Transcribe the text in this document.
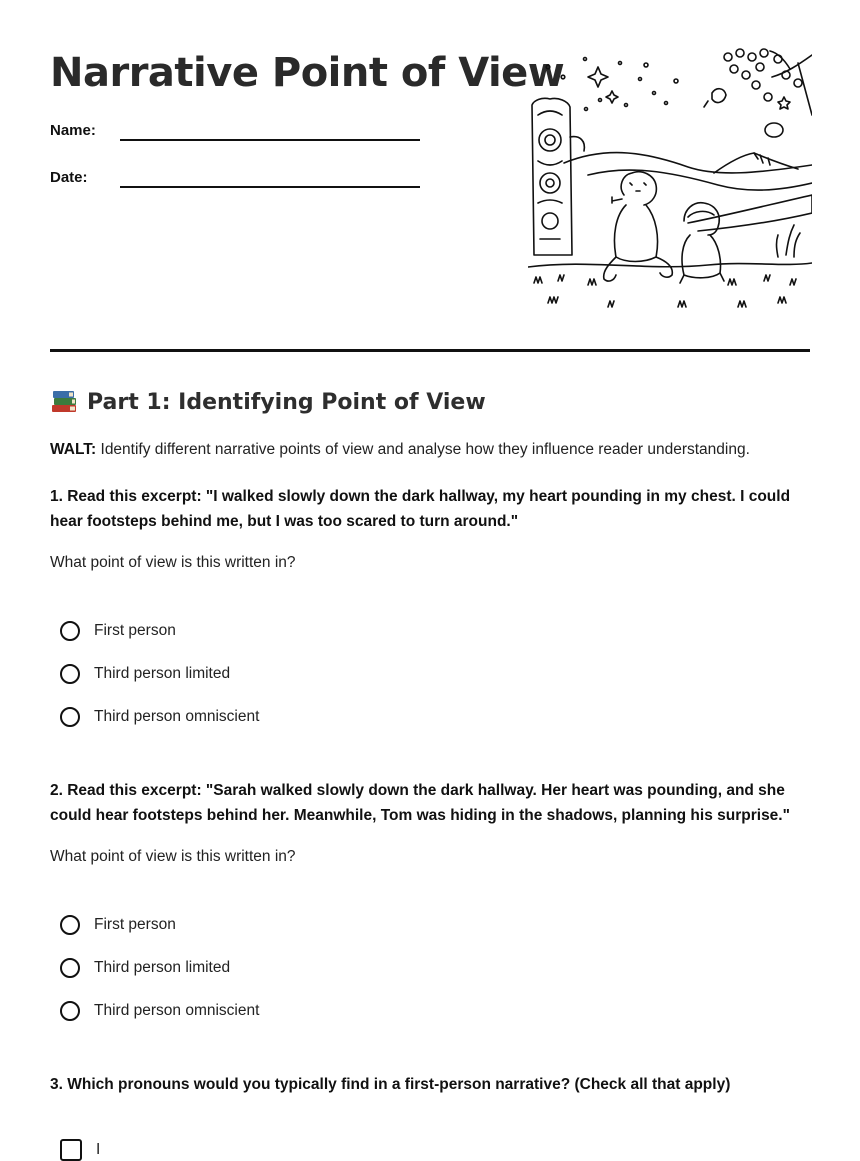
Narrative Point of View
Name:
Date:
Part 1: Identifying Point of View
WALT: Identify different narrative points of view and analyse how they influence reader understanding.

1. Read this excerpt: "I walked slowly down the dark hallway, my heart pounding in my chest. I could hear footsteps behind me, but I was too scared to turn around."

What point of view is this written in?
First person
Third person limited
Third person omniscient

2. Read this excerpt: "Sarah walked slowly down the dark hallway. Her heart was pounding, and she could hear footsteps behind her. Meanwhile, Tom was hiding in the shadows, planning his surprise."

What point of view is this written in?
First person
Third person limited
Third person omniscient

3. Which pronouns would you typically find in a first-person narrative? (Check all that apply)

I
